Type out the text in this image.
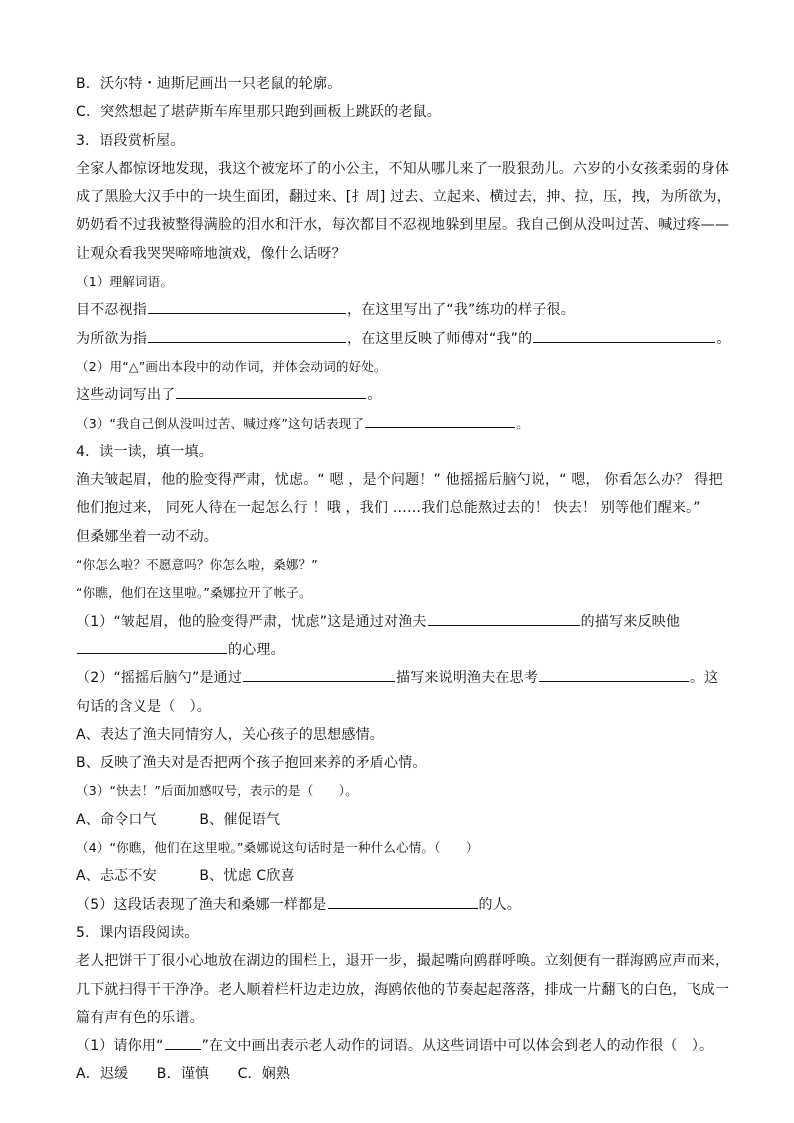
B．沃尔特・迪斯尼画出一只老鼠的轮廓。
C．突然想起了堪萨斯车库里那只跑到画板上跳跃的老鼠。
3．语段赏析屋。
全家人都惊讶地发现，我这个被宠坏了的小公主，不知从哪儿来了一股狠劲儿。六岁的小女孩柔弱的身体
成了黑脸大汉手中的一块生面团，翻过来、[扌周] 过去、立起来、横过去，抻、拉，压，拽，为所欲为，
奶奶看不过我被整得满脸的泪水和汗水，每次都目不忍视地躲到里屋。我自己倒从没叫过苦、喊过疼——
让观众看我哭哭啼啼地演戏，像什么话呀？
（1）理解词语。
目不忍视指	，在这里写出了“我”练功的样子很。
为所欲为指	，在这里反映了师傅对“我”的	。
（2）用“△”画出本段中的动作词，并体会动词的好处。
这些动词写出了	。
（3）“我自己倒从没叫过苦、喊过疼”这句话表现了	。
4．读一读，填一填。
渔夫皱起眉，他的脸变得严肃，忧虑。“ 嗯 ，是个问题！” 他摇摇后脑勺说，“ 嗯， 你看怎么办？ 得把
他们抱过来， 同死人待在一起怎么行 ！哦 ，我们 ……我们总能熬过去的！ 快去！ 别等他们醒来。”
但桑娜坐着一动不动。
“你怎么啦？不愿意吗？你怎么啦，桑娜？”
“你瞧，他们在这里啦。”桑娜拉开了帐子。
（1）“皱起眉，他的脸变得严肃，忧虑”这是通过对渔夫	的描写来反映他
的心理。
（2）“摇摇后脑勺”是通过	描写来说明渔夫在思考	。这
句话的含义是（　）。
A、表达了渔夫同情穷人，关心孩子的思想感情。
B、反映了渔夫对是否把两个孩子抱回来养的矛盾心情。
（3）“快去！”后面加感叹号，表示的是（　　）。
A、命令口气　　　B、催促语气
（4）“你瞧，他们在这里啦。”桑娜说这句话时是一种什么心情。（　　）
A、忐忑不安　　　B、忧虑 C欣喜
（5）这段话表现了渔夫和桑娜一样都是	的人。
5．课内语段阅读。
老人把饼干丁很小心地放在湖边的围栏上，退开一步，撮起嘴向鸥群呼唤。立刻便有一群海鸥应声而来，
几下就扫得干干净净。老人顺着栏杆边走边放，海鸥依他的节奏起起落落，排成一片翻飞的白色，飞成一
篇有声有色的乐谱。
（1）请你用“	”在文中画出表示老人动作的词语。从这些词语中可以体会到老人的动作很（　）。
A．迟缓　　B．谨慎　　C．娴熟
